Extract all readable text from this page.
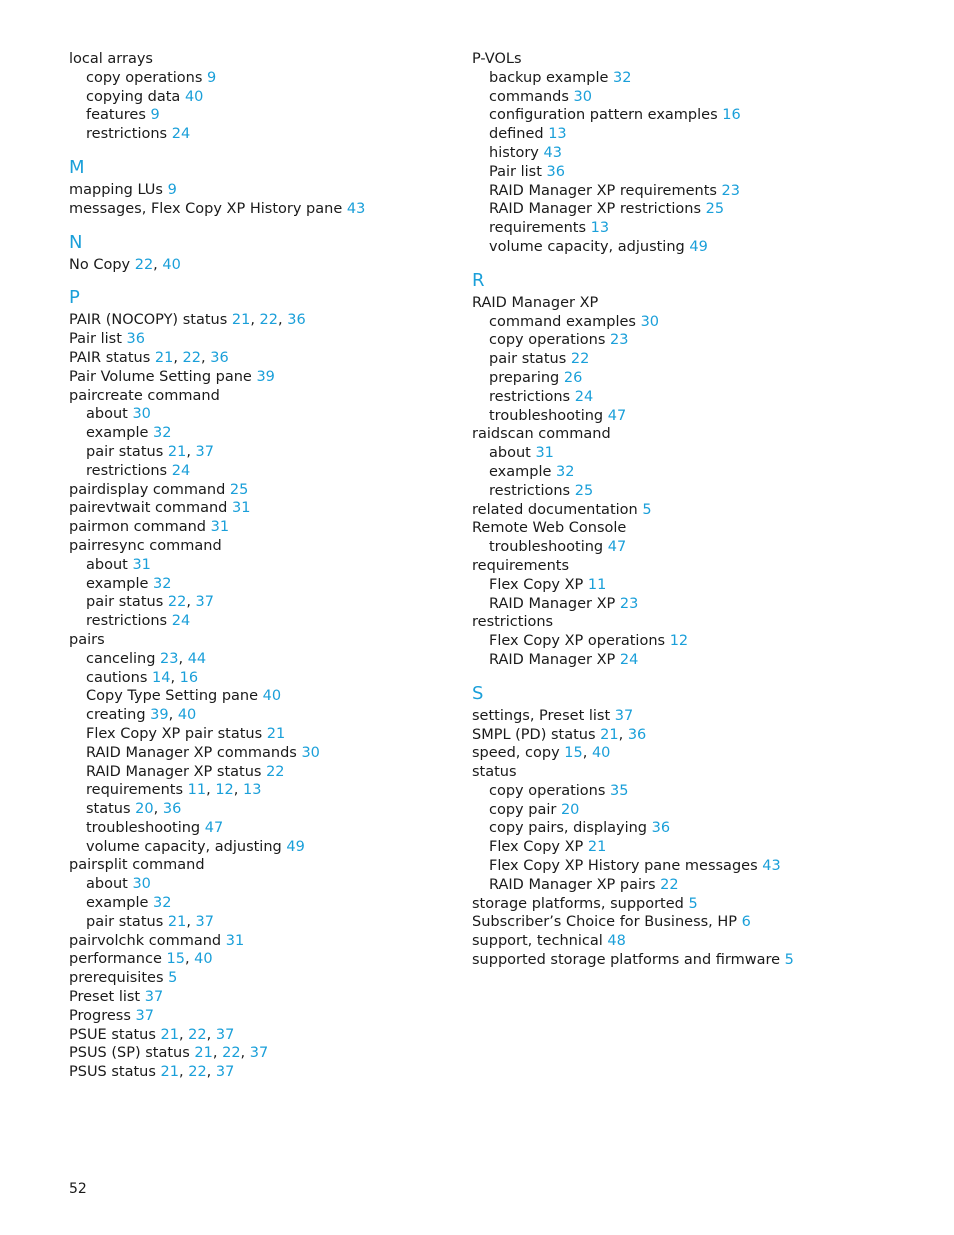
local arrays
copy operations 9
copying data 40
features 9
restrictions 24
M
mapping LUs 9
messages, Flex Copy XP History pane 43
N
No Copy 22, 40
P
PAIR (NOCOPY) status 21, 22, 36
Pair list 36
PAIR status 21, 22, 36
Pair Volume Setting pane 39
paircreate command
about 30
example 32
pair status 21, 37
restrictions 24
pairdisplay command 25
pairevtwait command 31
pairmon command 31
pairresync command
about 31
example 32
pair status 22, 37
restrictions 24
pairs
canceling 23, 44
cautions 14, 16
Copy Type Setting pane 40
creating 39, 40
Flex Copy XP pair status 21
RAID Manager XP commands 30
RAID Manager XP status 22
requirements 11, 12, 13
status 20, 36
troubleshooting 47
volume capacity, adjusting 49
pairsplit command
about 30
example 32
pair status 21, 37
pairvolchk command 31
performance 15, 40
prerequisites 5
Preset list 37
Progress 37
PSUE status 21, 22, 37
PSUS (SP) status 21, 22, 37
PSUS status 21, 22, 37
P-VOLs
backup example 32
commands 30
configuration pattern examples 16
defined 13
history 43
Pair list 36
RAID Manager XP requirements 23
RAID Manager XP restrictions 25
requirements 13
volume capacity, adjusting 49
R
RAID Manager XP
command examples 30
copy operations 23
pair status 22
preparing 26
restrictions 24
troubleshooting 47
raidscan command
about 31
example 32
restrictions 25
related documentation 5
Remote Web Console
troubleshooting 47
requirements
Flex Copy XP 11
RAID Manager XP 23
restrictions
Flex Copy XP operations 12
RAID Manager XP 24
S
settings, Preset list 37
SMPL (PD) status 21, 36
speed, copy 15, 40
status
copy operations 35
copy pair 20
copy pairs, displaying 36
Flex Copy XP 21
Flex Copy XP History pane messages 43
RAID Manager XP pairs 22
storage platforms, supported 5
Subscriber’s Choice for Business, HP 6
support, technical 48
supported storage platforms and firmware 5
52
